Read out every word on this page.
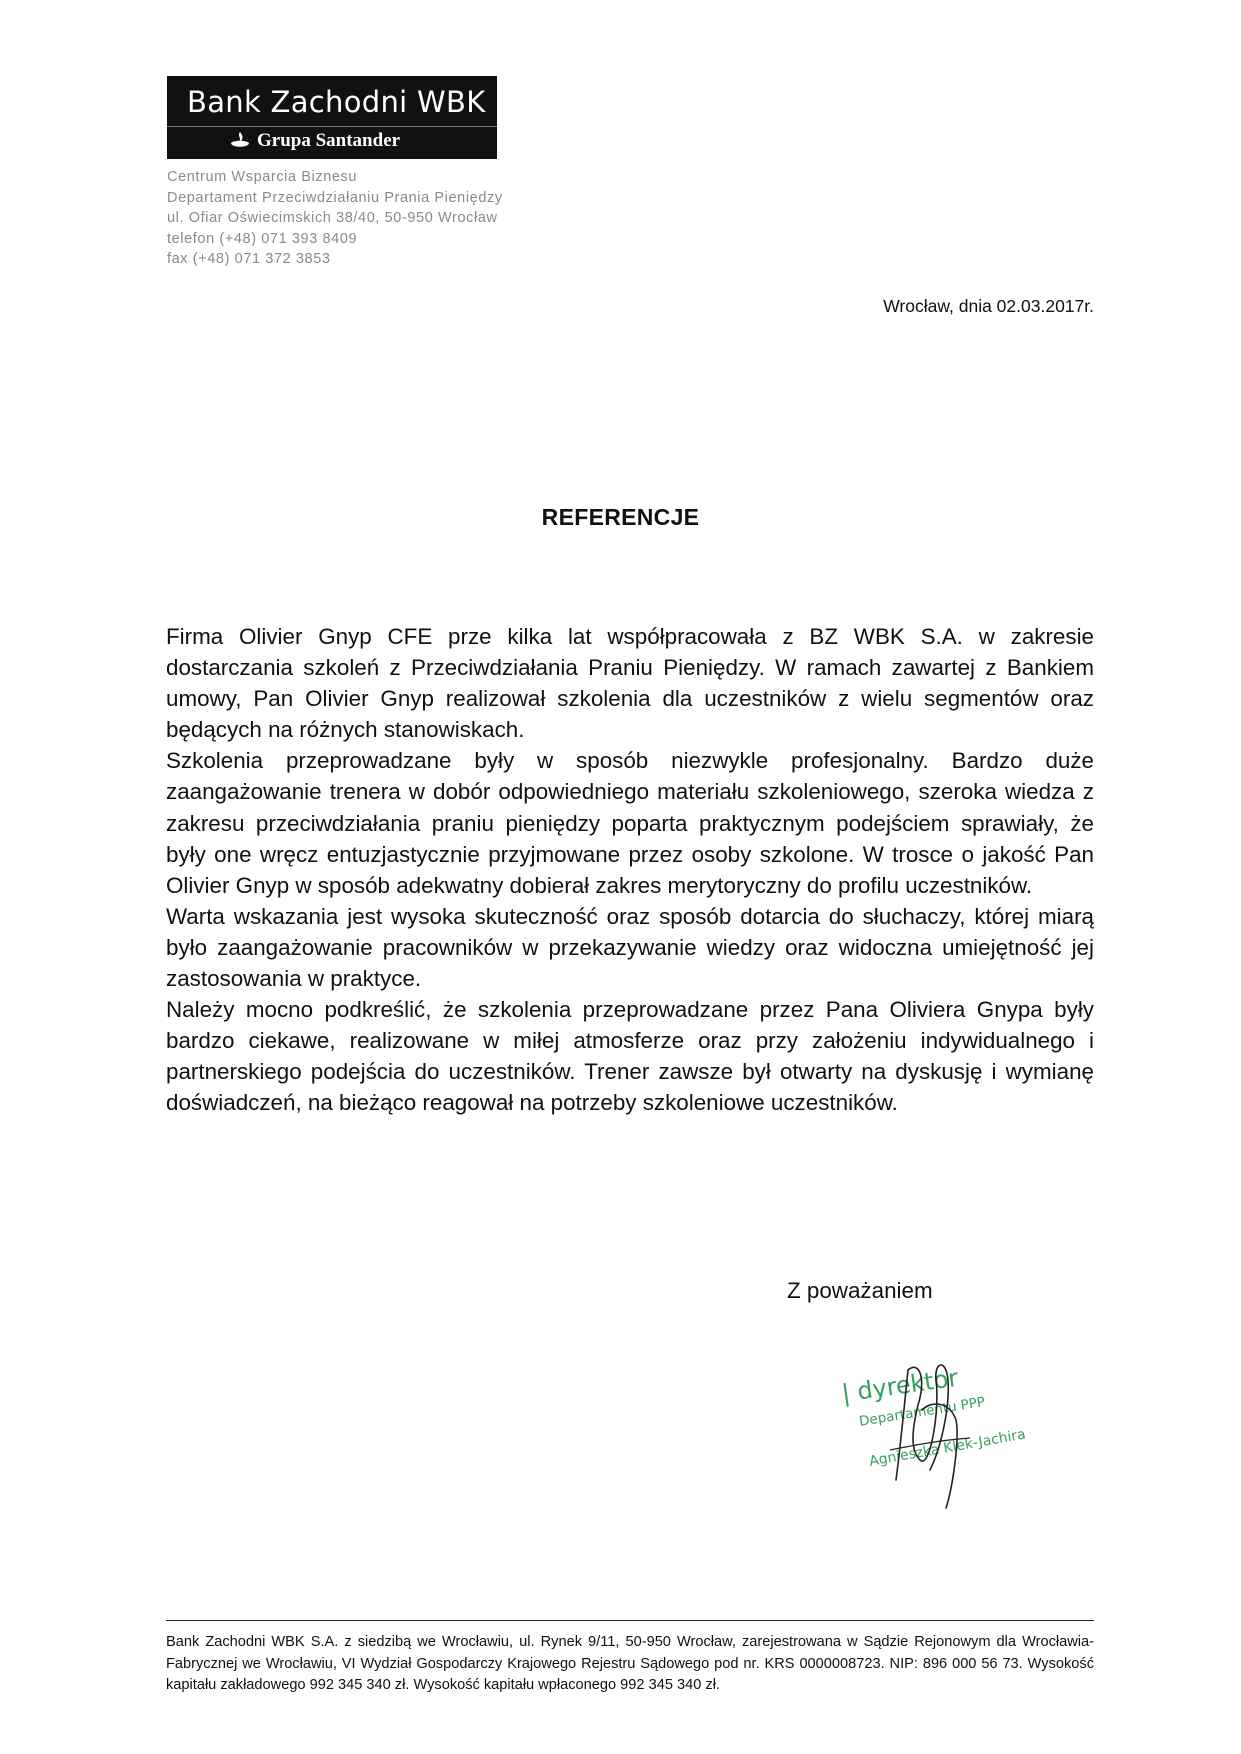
Bank Zachodni WBK
Grupa Santander
Centrum Wsparcia Biznesu
Departament Przeciwdziałaniu Prania Pieniędzy
ul. Ofiar Oświecimskich 38/40, 50-950 Wrocław
telefon (+48) 071 393 8409
fax (+48) 071 372 3853
Wrocław, dnia 02.03.2017r.
REFERENCJE

Firma Olivier Gnyp CFE prze kilka lat współpracowała z BZ WBK S.A. w zakresie dostarczania szkoleń z Przeciwdziałania Praniu Pieniędzy. W ramach zawartej z Bankiem umowy, Pan Olivier Gnyp realizował szkolenia dla uczestników z wielu segmentów oraz będących na różnych stanowiskach.

Szkolenia przeprowadzane były w sposób niezwykle profesjonalny. Bardzo duże zaangażowanie trenera w dobór odpowiedniego materiału szkoleniowego, szeroka wiedza z zakresu przeciwdziałania praniu pieniędzy poparta praktycznym podejściem sprawiały, że były one wręcz entuzjastycznie przyjmowane przez osoby szkolone. W trosce o jakość Pan Olivier Gnyp w sposób adekwatny dobierał zakres merytoryczny do profilu uczestników.

Warta wskazania jest wysoka skuteczność oraz sposób dotarcia do słuchaczy, której miarą było zaangażowanie pracowników w przekazywanie wiedzy oraz widoczna umiejętność jej zastosowania w praktyce.

Należy mocno podkreślić, że szkolenia przeprowadzane przez Pana Oliviera Gnypa były bardzo ciekawe, realizowane w miłej atmosferze oraz przy założeniu indywidualnego i partnerskiego podejścia do uczestników. Trener zawsze był otwarty na dyskusję i wymianę doświadczeń, na bieżąco reagował na potrzeby szkoleniowe uczestników.

Z poważaniem
| dyrektor
Departamentu PPP
Agnieszka Klek-Jachira
Bank Zachodni WBK S.A. z siedzibą we Wrocławiu, ul. Rynek 9/11, 50-950 Wrocław, zarejestrowana w Sądzie Rejonowym dla Wrocławia-Fabrycznej we Wrocławiu, VI Wydział Gospodarczy Krajowego Rejestru Sądowego pod nr. KRS 0000008723. NIP: 896 000 56 73. Wysokość kapitału zakładowego 992 345 340 zł. Wysokość kapitału wpłaconego 992 345 340 zł.
